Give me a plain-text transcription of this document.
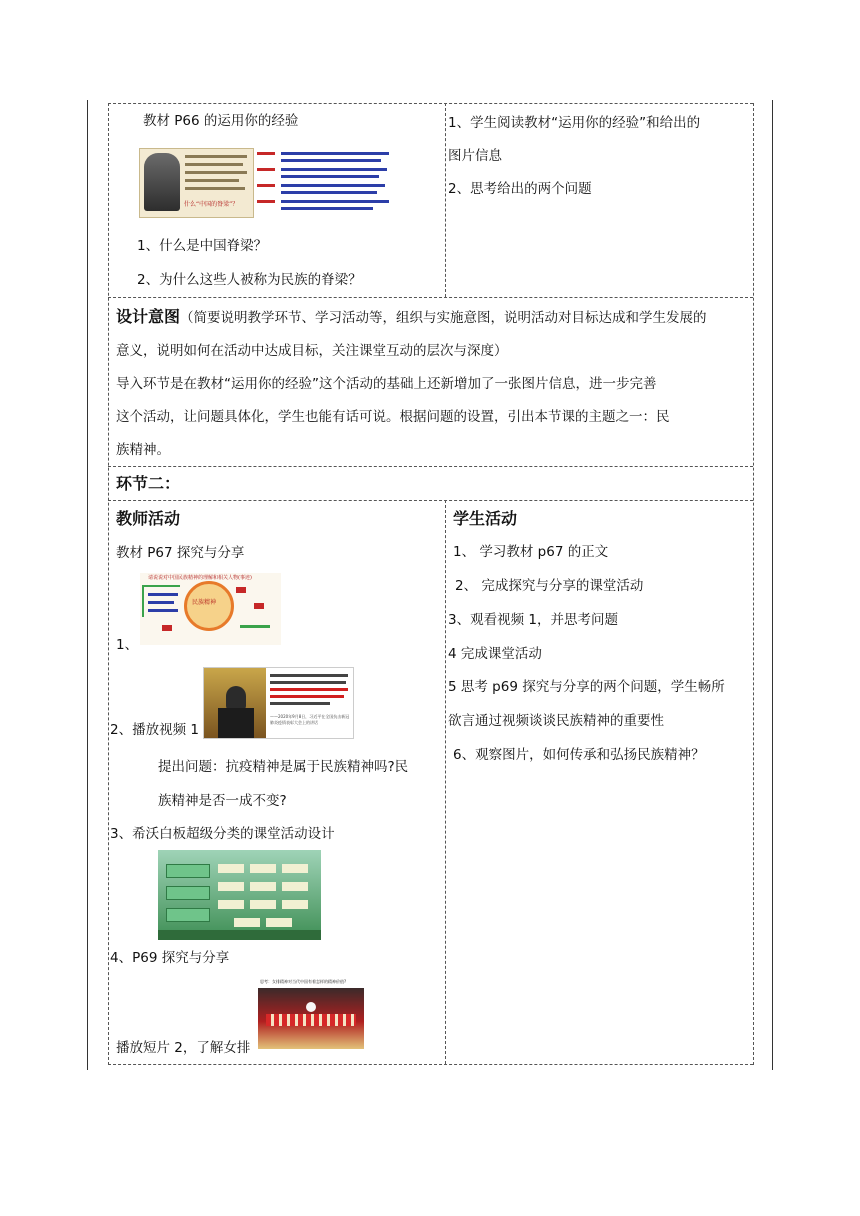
教材 P66 的运用你的经验
什么“中国的脊梁”？
1、什么是中国脊梁？
2、为什么这些人被称为民族的脊梁？
1、学生阅读教材“运用你的经验”和给出的
图片信息
2、思考给出的两个问题
设计意图（简要说明教学环节、学习活动等，组织与实施意图，说明活动对目标达成和学生发展的
意义，说明如何在活动中达成目标，关注课堂互动的层次与深度）
导入环节是在教材“运用你的经验”这个活动的基础上还新增加了一张图片信息，进一步完善
这个活动，让问题具体化，学生也能有话可说。根据问题的设置，引出本节课的主题之一：民
族精神。
环节二：
教师活动
教材 P67 探究与分享
请说说对中国民族精神的理解和相关人物(事迹)
民族精神
1、
——2020年9月8日，习近平在全国抗击新冠肺炎疫情表彰大会上的讲话
2、播放视频 1
提出问题：抗疫精神是属于民族精神吗?民
族精神是否一成不变?
3、希沃白板超级分类的课堂活动设计
4、P69 探究与分享
思考：女排精神对当代中国有着怎样的精神价值?
播放短片 2，了解女排
学生活动
1、 学习教材 p67 的正文
2、 完成探究与分享的课堂活动
3、观看视频 1，并思考问题
4 完成课堂活动
5 思考 p69 探究与分享的两个问题，学生畅所
欲言通过视频谈谈民族精神的重要性
6、观察图片，如何传承和弘扬民族精神？
